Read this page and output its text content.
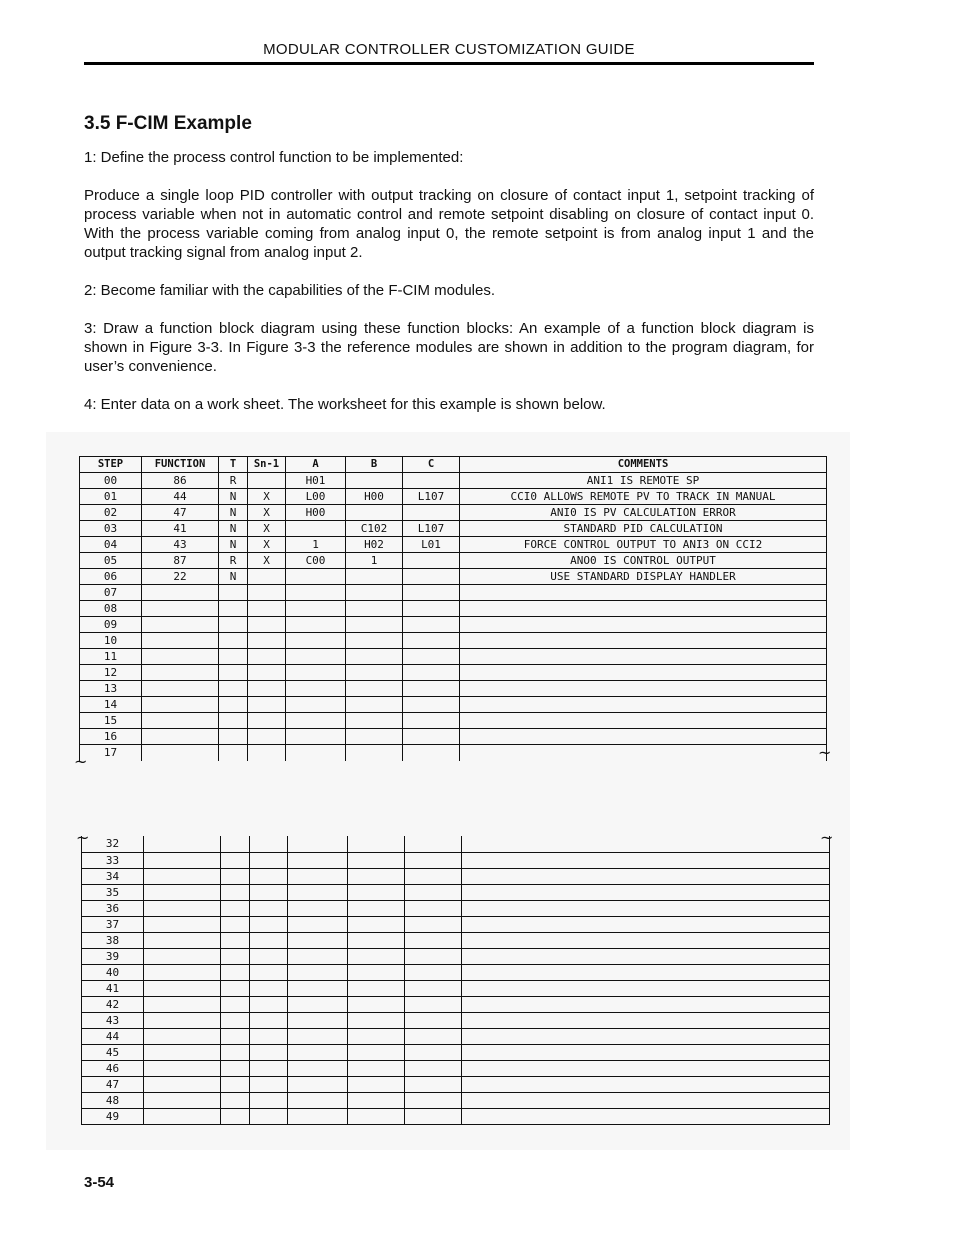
MODULAR CONTROLLER CUSTOMIZATION GUIDE
3.5 F-CIM Example

1: Define the process control function to be implemented:

Produce a single loop PID controller with output tracking on closure of contact input 1, setpoint tracking of process variable when not in automatic control and remote setpoint disabling on closure of contact input 0. With the process variable coming from analog input 0, the remote setpoint is from analog input 1 and the output tracking signal from analog input 2.

2: Become familiar with the capabilities of the F-CIM modules.

3: Draw a function block diagram using these function blocks: An example of a function block diagram is shown in Figure 3-3. In Figure 3-3 the reference modules are shown in addition to the program diagram, for user’s convenience.

4: Enter data on a work sheet. The worksheet for this example is shown below.

STEP	FUNCTION	T	Sn-1	A	B	C	COMMENTS
00	86	R		H01			ANI1 IS REMOTE SP
01	44	N	X	L00	H00	L107	CCI0 ALLOWS REMOTE PV TO TRACK IN MANUAL
02	47	N	X	H00			ANI0 IS PV CALCULATION ERROR
03	41	N	X		C102	L107	STANDARD PID CALCULATION
04	43	N	X	1	H02	L01	FORCE CONTROL OUTPUT TO ANI3 ON CCI2
05	87	R	X	C00	1		ANO0 IS CONTROL OUTPUT
06	22	N					USE STANDARD DISPLAY HANDLER
07							
08							
09							
10							
11							
12							
13							
14							
15							
16							
17							
~	~
~	~
32							
33							
34							
35							
36							
37							
38							
39							
40							
41							
42							
43							
44							
45							
46							
47							
48							
49							
3-54
